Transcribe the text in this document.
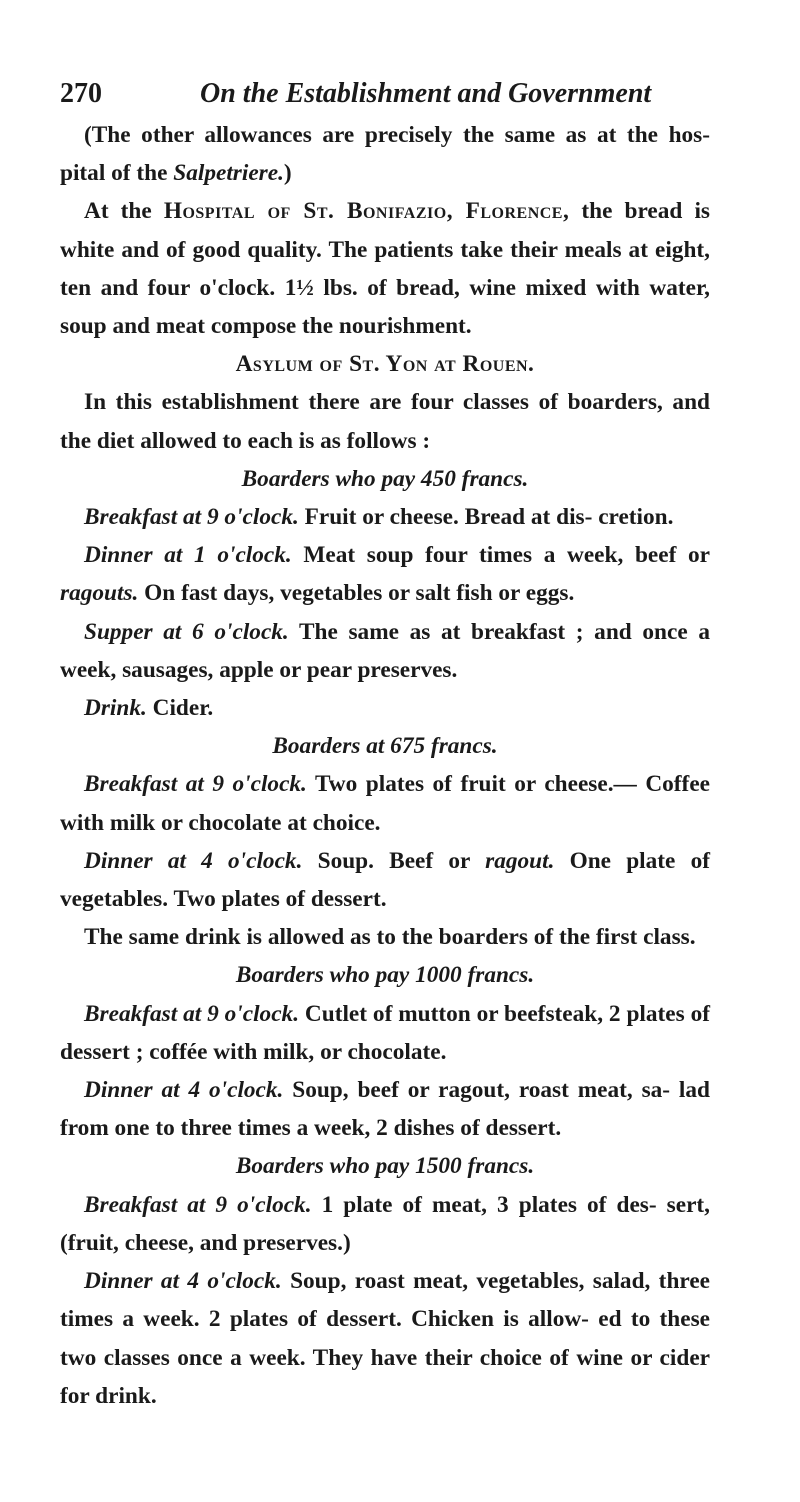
270	On the Establishment and Government

(The other allowances are precisely the same as at the hos- pital of the Salpetriere.)

At the Hospital of St. Bonifazio, Florence, the bread is white and of good quality. The patients take their meals at eight, ten and four o'clock. 1½ lbs. of bread, wine mixed with water, soup and meat compose the nourishment.

Asylum of St. Yon at Rouen.

In this establishment there are four classes of boarders, and the diet allowed to each is as follows :

Boarders who pay 450 francs.

Breakfast at 9 o'clock. Fruit or cheese. Bread at dis- cretion.

Dinner at 1 o'clock. Meat soup four times a week, beef or ragouts. On fast days, vegetables or salt fish or eggs.

Supper at 6 o'clock. The same as at breakfast ; and once a week, sausages, apple or pear preserves.

Drink. Cider.

Boarders at 675 francs.

Breakfast at 9 o'clock. Two plates of fruit or cheese.— Coffee with milk or chocolate at choice.

Dinner at 4 o'clock. Soup. Beef or ragout. One plate of vegetables. Two plates of dessert.

The same drink is allowed as to the boarders of the first class.

Boarders who pay 1000 francs.

Breakfast at 9 o'clock. Cutlet of mutton or beefsteak, 2 plates of dessert ; coffée with milk, or chocolate.

Dinner at 4 o'clock. Soup, beef or ragout, roast meat, sa- lad from one to three times a week, 2 dishes of dessert.

Boarders who pay 1500 francs.

Breakfast at 9 o'clock. 1 plate of meat, 3 plates of des- sert, (fruit, cheese, and preserves.)

Dinner at 4 o'clock. Soup, roast meat, vegetables, salad, three times a week. 2 plates of dessert. Chicken is allow- ed to these two classes once a week. They have their choice of wine or cider for drink.
